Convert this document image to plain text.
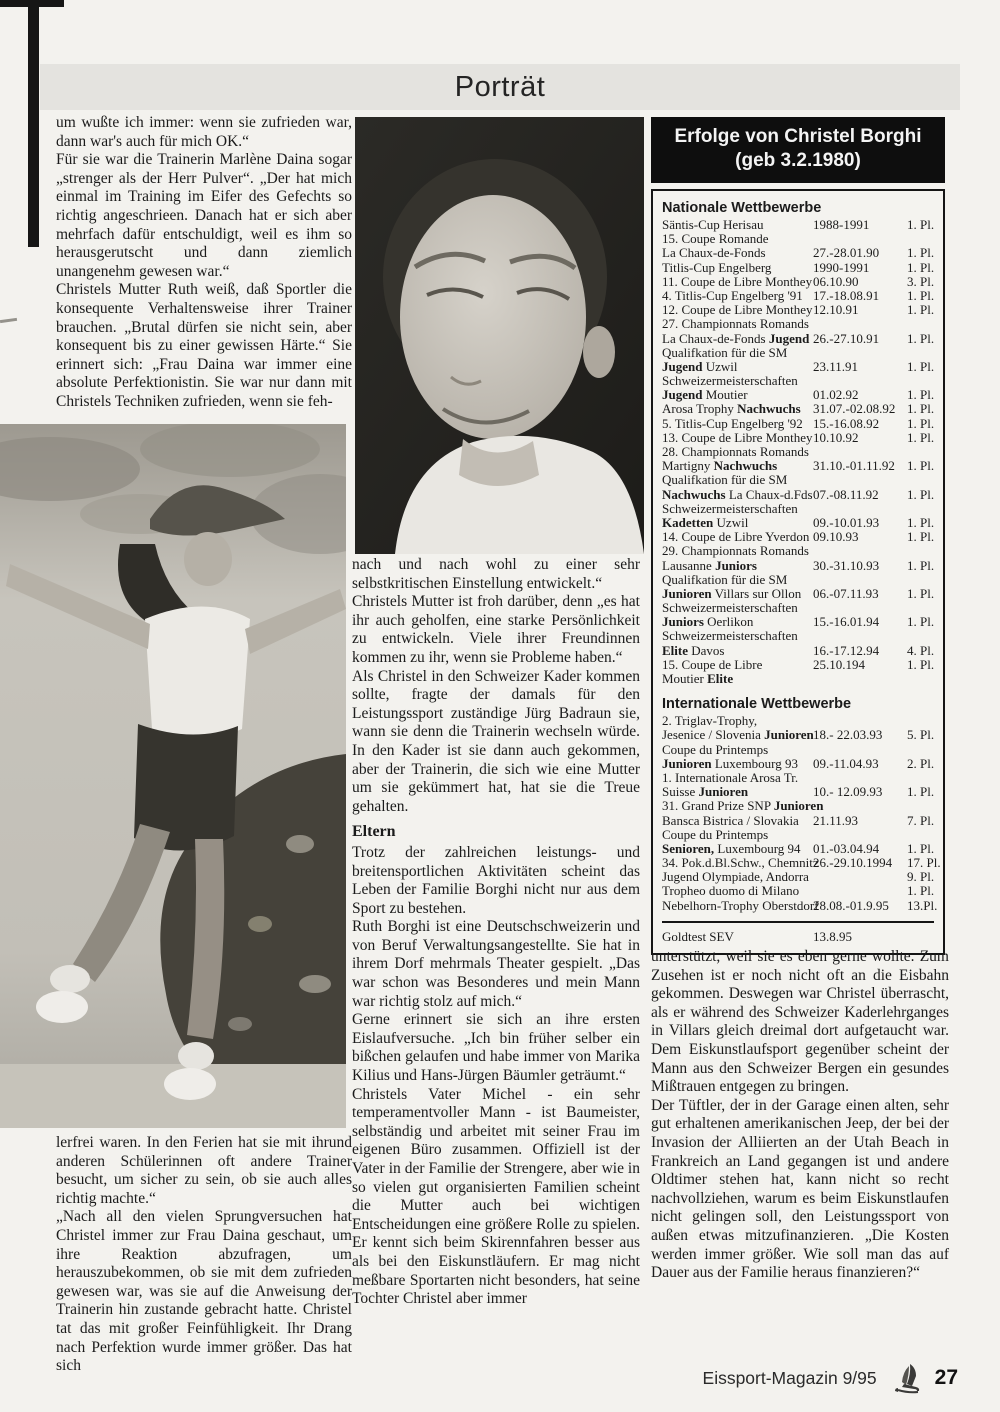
Porträt

um wußte ich immer: wenn sie zufrieden war, dann war's auch für mich OK.“

Für sie war die Trainerin Marlène Daina sogar „strenger als der Herr Pulver“. „Der hat mich einmal im Training im Eifer des Gefechts so richtig angeschrieen. Danach hat er sich aber mehrfach dafür entschuldigt, weil es ihm so herausgerutscht und dann ziemlich unangenehm gewesen war.“

Christels Mutter Ruth weiß, daß Sportler die konsequente Verhaltensweise ihrer Trainer brauchen. „Brutal dürfen sie nicht sein, aber konsequent bis zu einer gewissen Härte.“ Sie erinnert sich: „Frau Daina war immer eine absolute Perfektionistin. Sie war nur dann mit Christels Techniken zufrieden, wenn sie feh-

Erfolge von Christel Borghi
(geb 3.2.1980)
Nationale Wettbewerbe
Säntis-Cup Herisau	1988-1991	1. Pl.
15. Coupe Romande
La Chaux-de-Fonds	27.-28.01.90 1. Pl.
Titlis-Cup Engelberg	1990-1991	1. Pl.
11. Coupe de Libre Monthey 06.10.90	3. Pl.
4. Titlis-Cup Engelberg '91 17.-18.08.91 1. Pl.
12. Coupe de Libre Monthey 12.10.91	1. Pl.
27. Championnats Romands
La Chaux-de-Fonds Jugend 26.-27.10.91 1. Pl.
Qualifkation für die SM
Jugend Uzwil	23.11.91	1. Pl.
Schweizermeisterschaften
Jugend Moutier	01.02.92	1. Pl.
Arosa Trophy Nachwuchs 31.07.-02.08.92 1. Pl.
5. Titlis-Cup Engelberg '92 15.-16.08.92 1. Pl.
13. Coupe de Libre Monthey 10.10.92	1. Pl.
28. Championnats Romands
Martigny Nachwuchs	31.10.-01.11.92 1. Pl.
Qualifkation für die SM
Nachwuchs La Chaux-d.Fds 07.-08.11.92 1. Pl.
Schweizermeisterschaften
Kadetten Uzwil	09.-10.01.93 1. Pl.
14. Coupe de Libre Yverdon 09.10.93	1. Pl.
29. Championnats Romands
Lausanne Juniors	30.-31.10.93 1. Pl.
Qualifkation für die SM
Junioren Villars sur Ollon 06.-07.11.93 1. Pl.
Schweizermeisterschaften
Juniors Oerlikon	15.-16.01.94 1. Pl.
Schweizermeisterschaften
Elite Davos	16.-17.12.94 4. Pl.
15. Coupe de Libre	25.10.194	1. Pl.
Moutier Elite
Internationale Wettbewerbe
2. Triglav-Trophy,
Jesenice / Slovenia Junioren 18.- 22.03.93 5. Pl.
Coupe du Printemps
Junioren Luxembourg 93 09.-11.04.93 2. Pl.
1. Internationale Arosa Tr.
Suisse Junioren	10.- 12.09.93 1. Pl.
31. Grand Prize SNP Junioren
Bansca Bistrica / Slovakia 21.11.93	7. Pl.
Coupe du Printemps
Senioren, Luxembourg 94 01.-03.04.94 1. Pl.
34. Pok.d.Bl.Schw., Chemnitz
26.-29.10.1994 17. Pl.
Jugend Olympiade, Andorra	9. Pl.
Tropheo duomo di Milano	1. Pl.
Nebelhorn-Trophy Oberstdorf
28.08.-01.9.95 13.Pl.
Goldtest SEV	13.8.95

nach und nach wohl zu einer sehr selbstkritischen Einstellung entwickelt.“

Christels Mutter ist froh darüber, denn „es hat ihr auch geholfen, eine starke Persönlichkeit zu entwickeln. Viele ihrer Freundinnen kommen zu ihr, wenn sie Probleme haben.“

Als Christel in den Schweizer Kader kommen sollte, fragte der damals für den Leistungssport zuständige Jürg Badraun sie, wann sie denn die Trainerin wechseln würde. In den Kader ist sie dann auch gekommen, aber der Trainerin, die sich wie eine Mutter um sie gekümmert hat, hat sie die Treue gehalten.

Eltern

Trotz der zahlreichen leistungs- und breitensportlichen Aktivitäten scheint das Leben der Familie Borghi nicht nur aus dem Sport zu bestehen.

Ruth Borghi ist eine Deutschschweizerin und von Beruf Verwaltungsangestellte. Sie hat in ihrem Dorf mehrmals Theater gespielt. „Das war schon was Besonderes und mein Mann war richtig stolz auf mich.“

Gerne erinnert sie sich an ihre ersten Eislaufversuche. „Ich bin früher selber ein bißchen gelaufen und habe immer von Marika Kilius und Hans-Jürgen Bäumler geträumt.“

Christels Vater Michel - ein sehr temperamentvoller Mann - ist Baumeister, selbständig und arbeitet mit seiner Frau im eigenen Büro zusammen. Offiziell ist der Vater in der Familie der Strengere, aber wie in so vielen gut organisierten Familien scheint die Mutter auch bei wichtigen Entscheidungen eine größere Rolle zu spielen. Er kennt sich beim Skirennfahren besser aus als bei den Eiskunstläufern. Er mag nicht meßbare Sportarten nicht besonders, hat seine Tochter Christel aber immer

lerfrei waren. In den Ferien hat sie mit ihrund anderen Schülerinnen oft andere Trainer besucht, um sicher zu sein, ob sie auch alles richtig machte.“

„Nach all den vielen Sprungversuchen hat Christel immer zur Frau Daina geschaut, um ihre Reaktion abzufragen, um herauszubekommen, ob sie mit dem zufrieden gewesen war, was sie auf die Anweisung der Trainerin hin zustande gebracht hatte. Christel tat das mit großer Feinfühligkeit. Ihr Drang nach Perfektion wurde immer größer. Das hat sich

unterstützt, weil sie es eben gerne wollte. Zum Zusehen ist er noch nicht oft an die Eisbahn gekommen. Deswegen war Christel überrascht, als er während des Schweizer Kaderlehrganges in Villars gleich dreimal dort aufgetaucht war. Dem Eiskunstlaufsport gegenüber scheint der Mann aus den Schweizer Bergen ein gesundes Mißtrauen entgegen zu bringen.

Der Tüftler, der in der Garage einen alten, sehr gut erhaltenen amerikanischen Jeep, der bei der Invasion der Alliierten an der Utah Beach in Frankreich an Land gegangen ist und andere Oldtimer stehen hat, kann nicht so recht nachvollziehen, warum es beim Eiskunstlaufen nicht gelingen soll, den Leistungssport von außen etwas mitzufinanzieren. „Die Kosten werden immer größer. Wie soll man das auf Dauer aus der Familie heraus finanzieren?“

Eissport-Magazin 9/95	27
